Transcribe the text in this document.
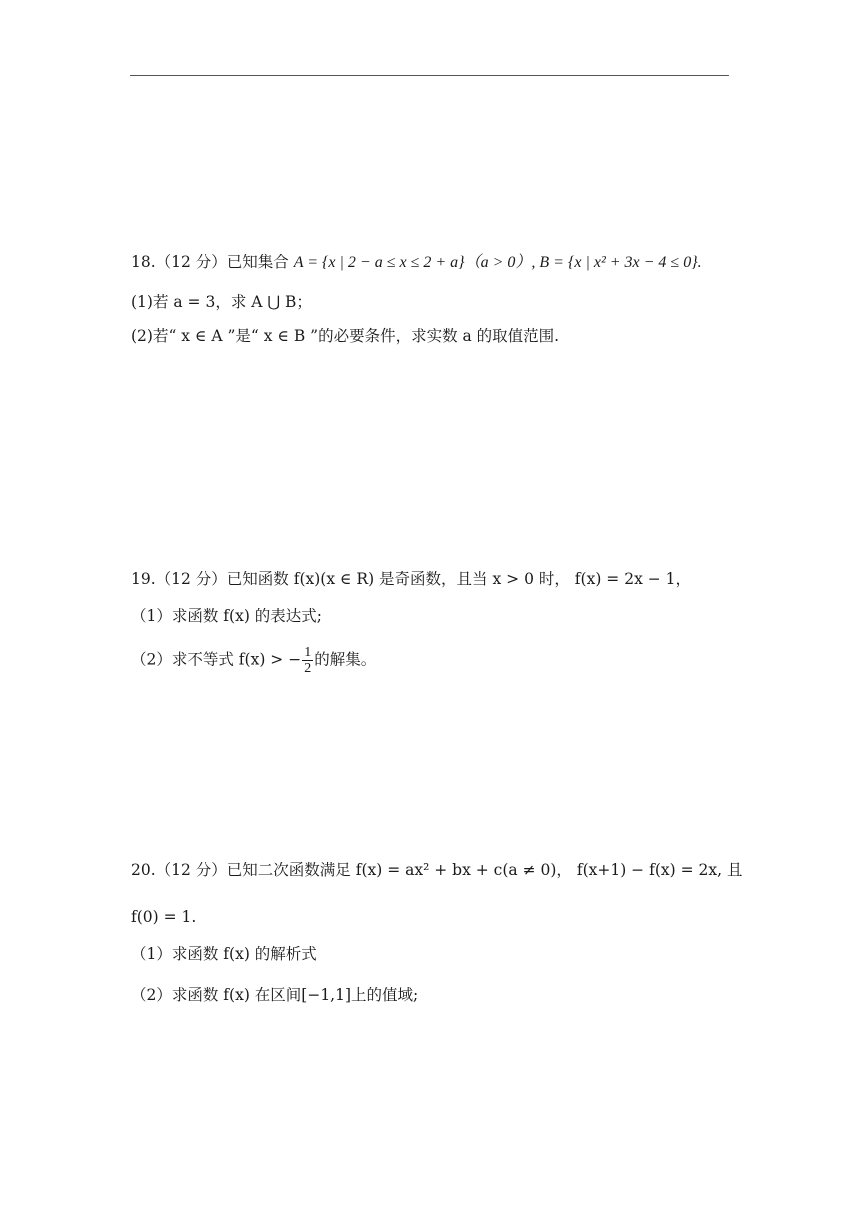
18.（12 分）已知集合 A = {x | 2 − a ≤ x ≤ 2 + a}（a > 0）, B = {x | x² + 3x − 4 ≤ 0}.
(1)若 a = 3，求 A ⋃ B；
(2)若“ x ∈ A ”是“ x ∈ B ”的必要条件，求实数 a 的取值范围.
19.（12 分）已知函数 f(x)(x ∈ R) 是奇函数，且当 x > 0 时， f(x) = 2x − 1，
（1）求函数 f(x) 的表达式;
（2）求不等式 f(x) > − $\frac{1}{2}$ 的解集。
20.（12 分）已知二次函数满足 f(x) = ax² + bx + c(a ≠ 0)， f(x+1) − f(x) = 2x, 且
f(0) = 1.
（1）求函数 f(x) 的解析式
（2）求函数 f(x) 在区间[−1,1]上的值域;
